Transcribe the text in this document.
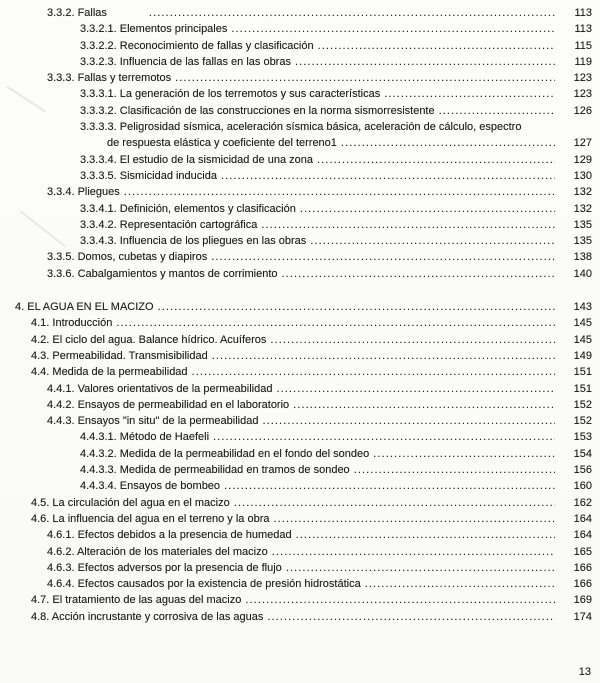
3.3.2. Fallas .....	113
3.3.2.1. Elementos principales .....	113
3.3.2.2. Reconocimiento de fallas y clasificación .....	115
3.3.2.3. Influencia de las fallas en las obras .....	119
3.3.3. Fallas y terremotos .....	123
3.3.3.1. La generación de los terremotos y sus características .....	123
3.3.3.2. Clasificación de las construcciones en la norma sismorresistente .....	126
3.3.3.3. Peligrosidad sísmica, aceleración sísmica básica, aceleración de cálculo, espectro
de respuesta elástica y coeficiente del terreno1 .....	127
3.3.3.4. El estudio de la sismicidad de una zona .....	129
3.3.3.5. Sismicidad inducida .....	130
3.3.4. Pliegues .....	132
3.3.4.1. Definición, elementos y clasificación .....	132
3.3.4.2. Representación cartográfica .....	135
3.3.4.3. Influencia de los pliegues en las obras .....	135
3.3.5. Domos, cubetas y diapiros .....	138
3.3.6. Cabalgamientos y mantos de corrimiento .....	140
4. EL AGUA EN EL MACIZO .....	143
4.1. Introducción .....	145
4.2. El ciclo del agua. Balance hídrico. Acuíferos .....	145
4.3. Permeabilidad. Transmisibilidad .....	149
4.4. Medida de la permeabilidad .....	151
4.4.1. Valores orientativos de la permeabilidad .....	151
4.4.2. Ensayos de permeabilidad en el laboratorio .....	152
4.4.3. Ensayos "in situ" de la permeabilidad .....	152
4.4.3.1. Método de Haefeli .....	153
4.4.3.2. Medida de la permeabilidad en el fondo del sondeo .....	154
4.4.3.3. Medida de permeabilidad en tramos de sondeo .....	156
4.4.3.4. Ensayos de bombeo .....	160
4.5. La circulación del agua en el macizo .....	162
4.6. La influencia del agua en el terreno y la obra .....	164
4.6.1. Efectos debidos a la presencia de humedad .....	164
4.6.2. Alteración de los materiales del macizo .....	165
4.6.3. Efectos adversos por la presencia de flujo .....	166
4.6.4. Efectos causados por la existencia de presión hidrostática .....	166
4.7. El tratamiento de las aguas del macizo .....	169
4.8. Acción incrustante y corrosiva de las aguas .....	174
13
